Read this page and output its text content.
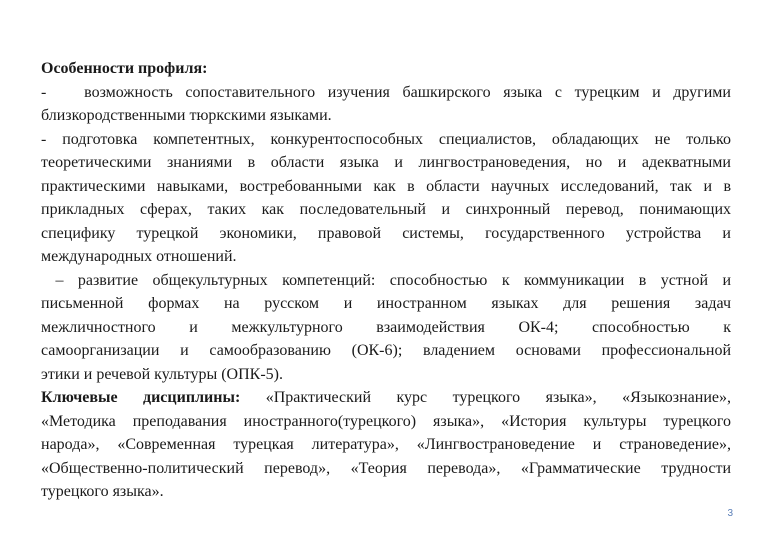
Особенности профиля:
- возможность сопоставительного изучения башкирского языка с турецким и другими
близкородственными тюркскими языками.
- подготовка компетентных, конкурентоспособных специалистов, обладающих не только
теоретическими знаниями в области языка и лингвострановедения, но и адекватными
практическими навыками, востребованными как в области научных исследований, так и в
прикладных сферах, таких как последовательный и синхронный перевод, понимающих
специфику турецкой экономики, правовой системы, государственного устройства и
международных отношений.
– развитие общекультурных компетенций: способностью к коммуникации в устной и
письменной формах на русском и иностранном языках для решения задач
межличностного и межкультурного взаимодействия ОК-4; способностью к
самоорганизации и самообразованию (ОК-6); владением основами профессиональной
этики и речевой культуры (ОПК-5).
Ключевые дисциплины: «Практический курс турецкого языка», «Языкознание»,
«Методика преподавания иностранного(турецкого) языка», «История культуры турецкого
народа», «Современная турецкая литература», «Лингвострановедение и страноведение»,
«Общественно-политический перевод», «Теория перевода», «Грамматические трудности
турецкого языка».
3
